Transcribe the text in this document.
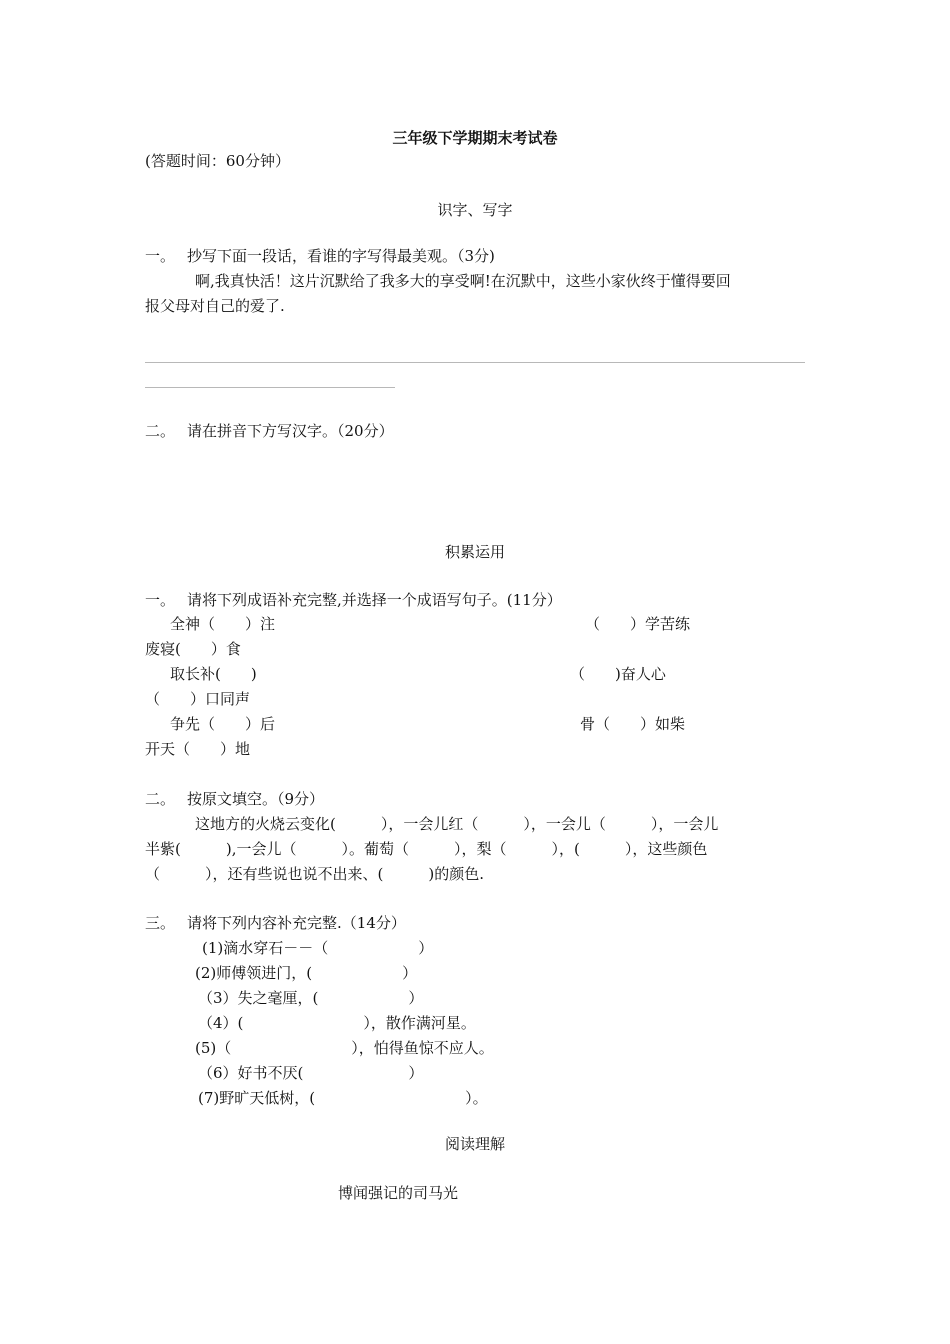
三年级下学期期末考试卷
(答题时间：60分钟）
识字、写字
一。 抄写下面一段话，看谁的字写得最美观。（3分)
啊,我真快活！这片沉默给了我多大的享受啊!在沉默中，这些小家伙终于懂得要回
报父母对自己的爱了.
二。 请在拼音下方写汉字。（20分）
积累运用
一。 请将下列成语补充完整,并选择一个成语写句子。(11分）
全神（　　）注	（　　）学苦练
废寝(　　）食
取长补(　　)	（　　)奋人心
（　　）口同声
争先（　　）后	骨（　　）如柴
开天（　　）地
二。 按原文填空。（9分）
这地方的火烧云变化(　　　），一会儿红（　　　），一会儿（　　　），一会儿
半紫(　　　),一会儿（　　　）。葡萄（　　　），梨（　　　），(　　　），这些颜色
（　　　），还有些说也说不出来、(　　　)的颜色.
三。 请将下列内容补充完整.（14分）
(1)滴水穿石－－（　　　　　　）
(2)师傅领进门，(　　　　　　）
（3）失之毫厘，(　　　　　　）
（4）(　　　　　　　　），散作满河星。
(5)（　　　　　　　　），怕得鱼惊不应人。
（6）好书不厌(　　　　　　　）
(7)野旷天低树，(　　　　　　　　　　）。
阅读理解
博闻强记的司马光
